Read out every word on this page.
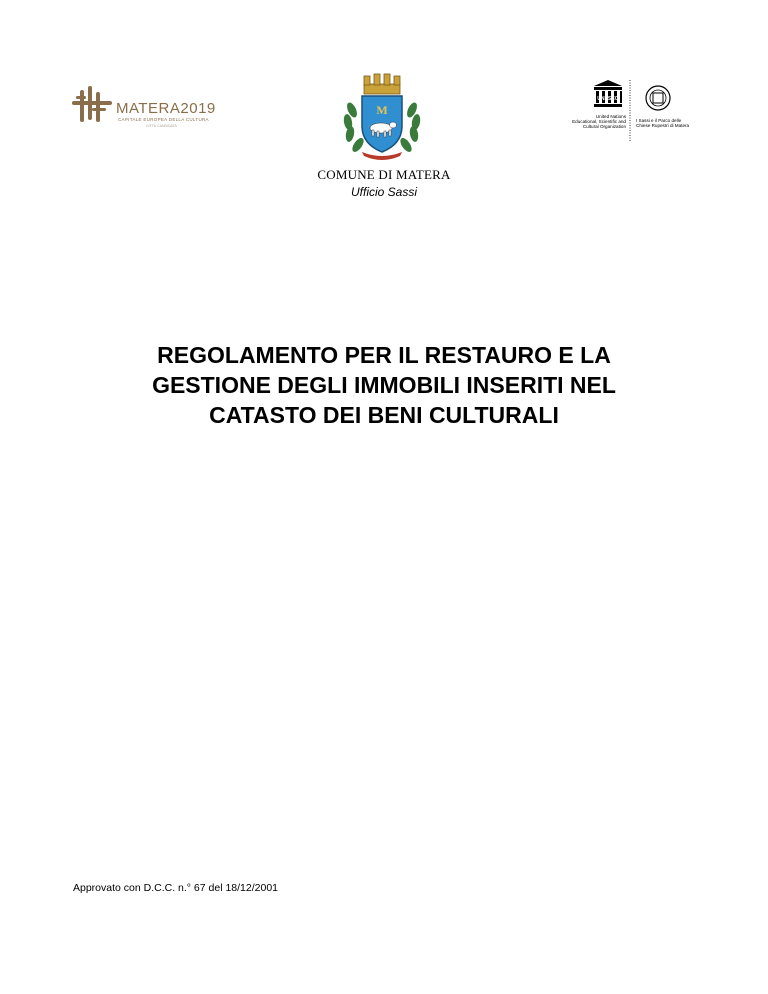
MATERA2019
CAPITALE EUROPEA DELLA CULTURA
CITTÀ CANDIDATA
M
UNESCO
United Nations
Educational, Scientific and
Cultural Organization
I Sassi e il Parco delle
Chiese Rupestri di Matera
COMUNE DI MATERA
Ufficio Sassi
REGOLAMENTO PER IL RESTAURO E LA
GESTIONE DEGLI IMMOBILI INSERITI NEL
CATASTO DEI BENI CULTURALI
Approvato con D.C.C. n.° 67 del 18/12/2001
